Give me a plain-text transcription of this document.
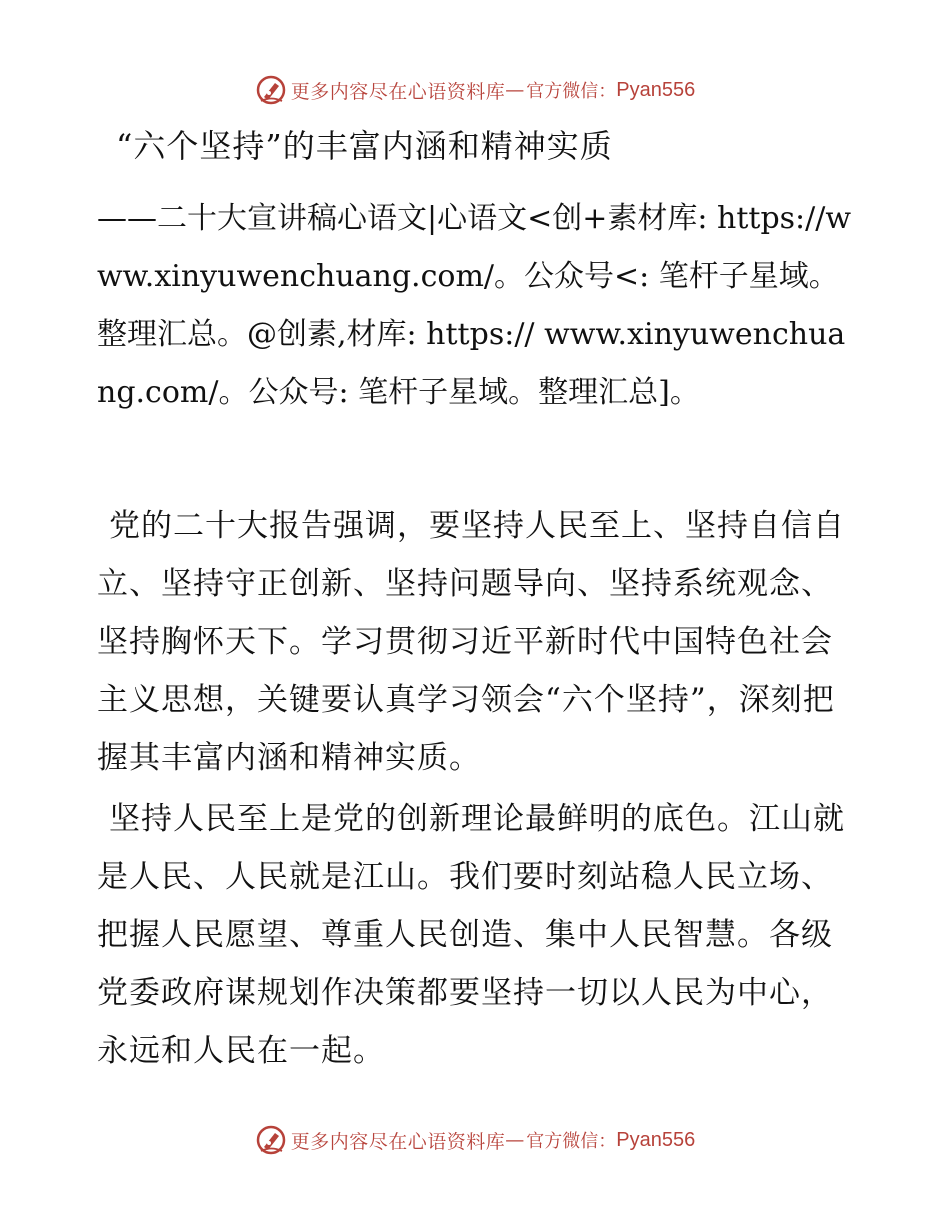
更多内容尽在心语资料库 — 官方微信： Pyan556
“六个坚持”的丰富内涵和精神实质

——二十大宣讲稿心语文|心语文<创+素材库: https://www.xinyuwenchuang.com/。公众号<: 笔杆子星域。整理汇总。@创素,材库: https:// www.xinyuwenchuang.com/。公众号: 笔杆子星域。整理汇总]。

党的二十大报告强调，要坚持人民至上、坚持自信自立、坚持守正创新、坚持问题导向、坚持系统观念、坚持胸怀天下。学习贯彻习近平新时代中国特色社会主义思想，关键要认真学习领会“六个坚持”，深刻把握其丰富内涵和精神实质。

坚持人民至上是党的创新理论最鲜明的底色。江山就是人民、人民就是江山。我们要时刻站稳人民立场、把握人民愿望、尊重人民创造、集中人民智慧。各级党委政府谋规划作决策都要坚持一切以人民为中心，永远和人民在一起。

更多内容尽在心语资料库 — 官方微信： Pyan556
